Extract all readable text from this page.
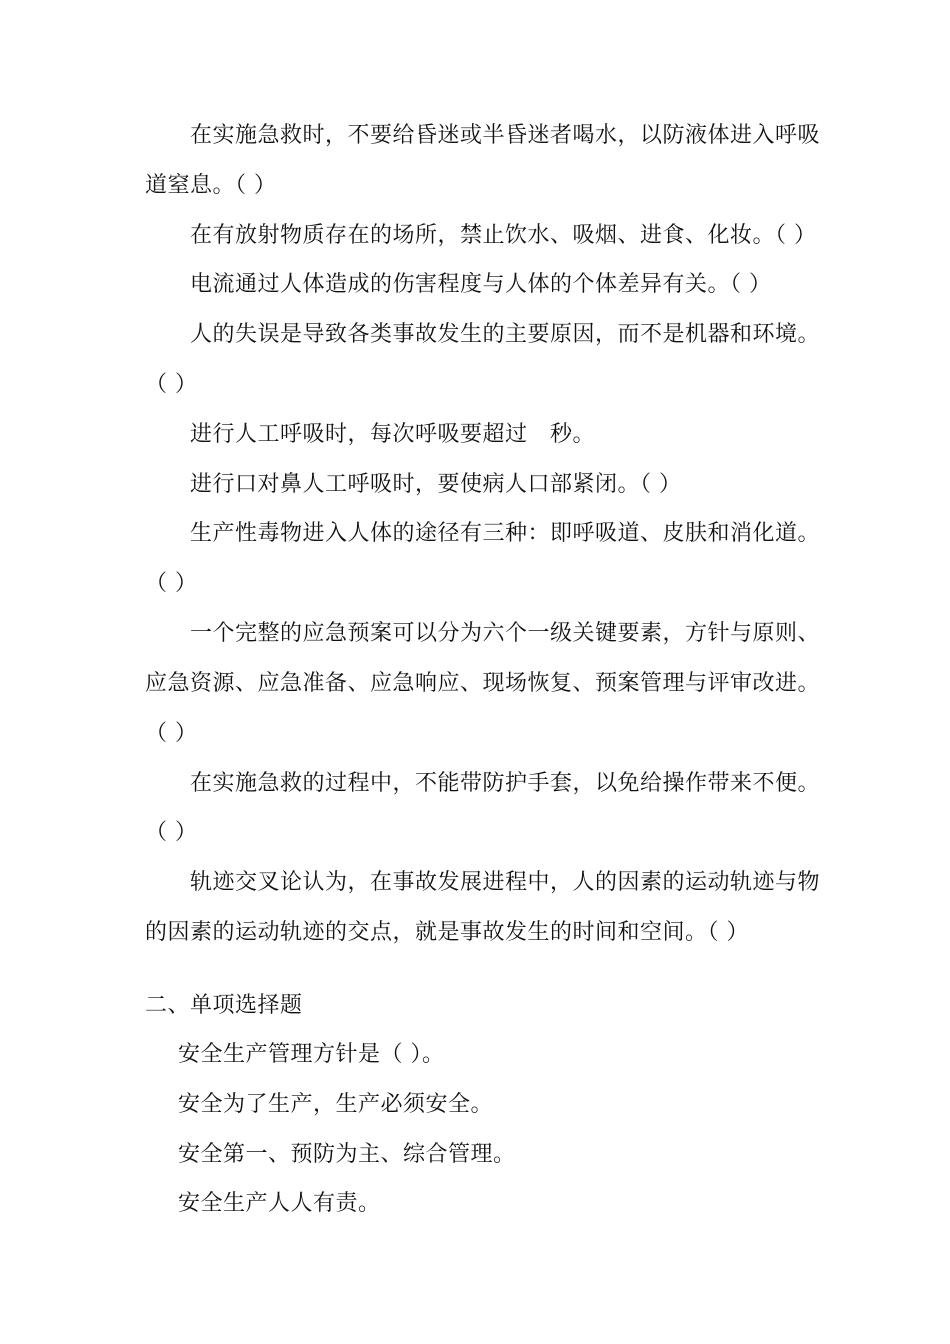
在实施急救时，不要给昏迷或半昏迷者喝水，以防液体进入呼吸
道窒息。（ ）
在有放射物质存在的场所，禁止饮水、吸烟、进食、化妆。（ ）
电流通过人体造成的伤害程度与人体的个体差异有关。（ ）
人的失误是导致各类事故发生的主要原因，而不是机器和环境。
（ ）
进行人工呼吸时，每次呼吸要超过　秒。
进行口对鼻人工呼吸时，要使病人口部紧闭。（ ）
生产性毒物进入人体的途径有三种：即呼吸道、皮肤和消化道。
（ ）
一个完整的应急预案可以分为六个一级关键要素，方针与原则、
应急资源、应急准备、应急响应、现场恢复、预案管理与评审改进。
（ ）
在实施急救的过程中，不能带防护手套，以免给操作带来不便。
（ ）
轨迹交叉论认为，在事故发展进程中，人的因素的运动轨迹与物
的因素的运动轨迹的交点，就是事故发生的时间和空间。（ ）
二、单项选择题
安全生产管理方针是（ ）。
安全为了生产，生产必须安全。
安全第一、预防为主、综合管理。
安全生产人人有责。
